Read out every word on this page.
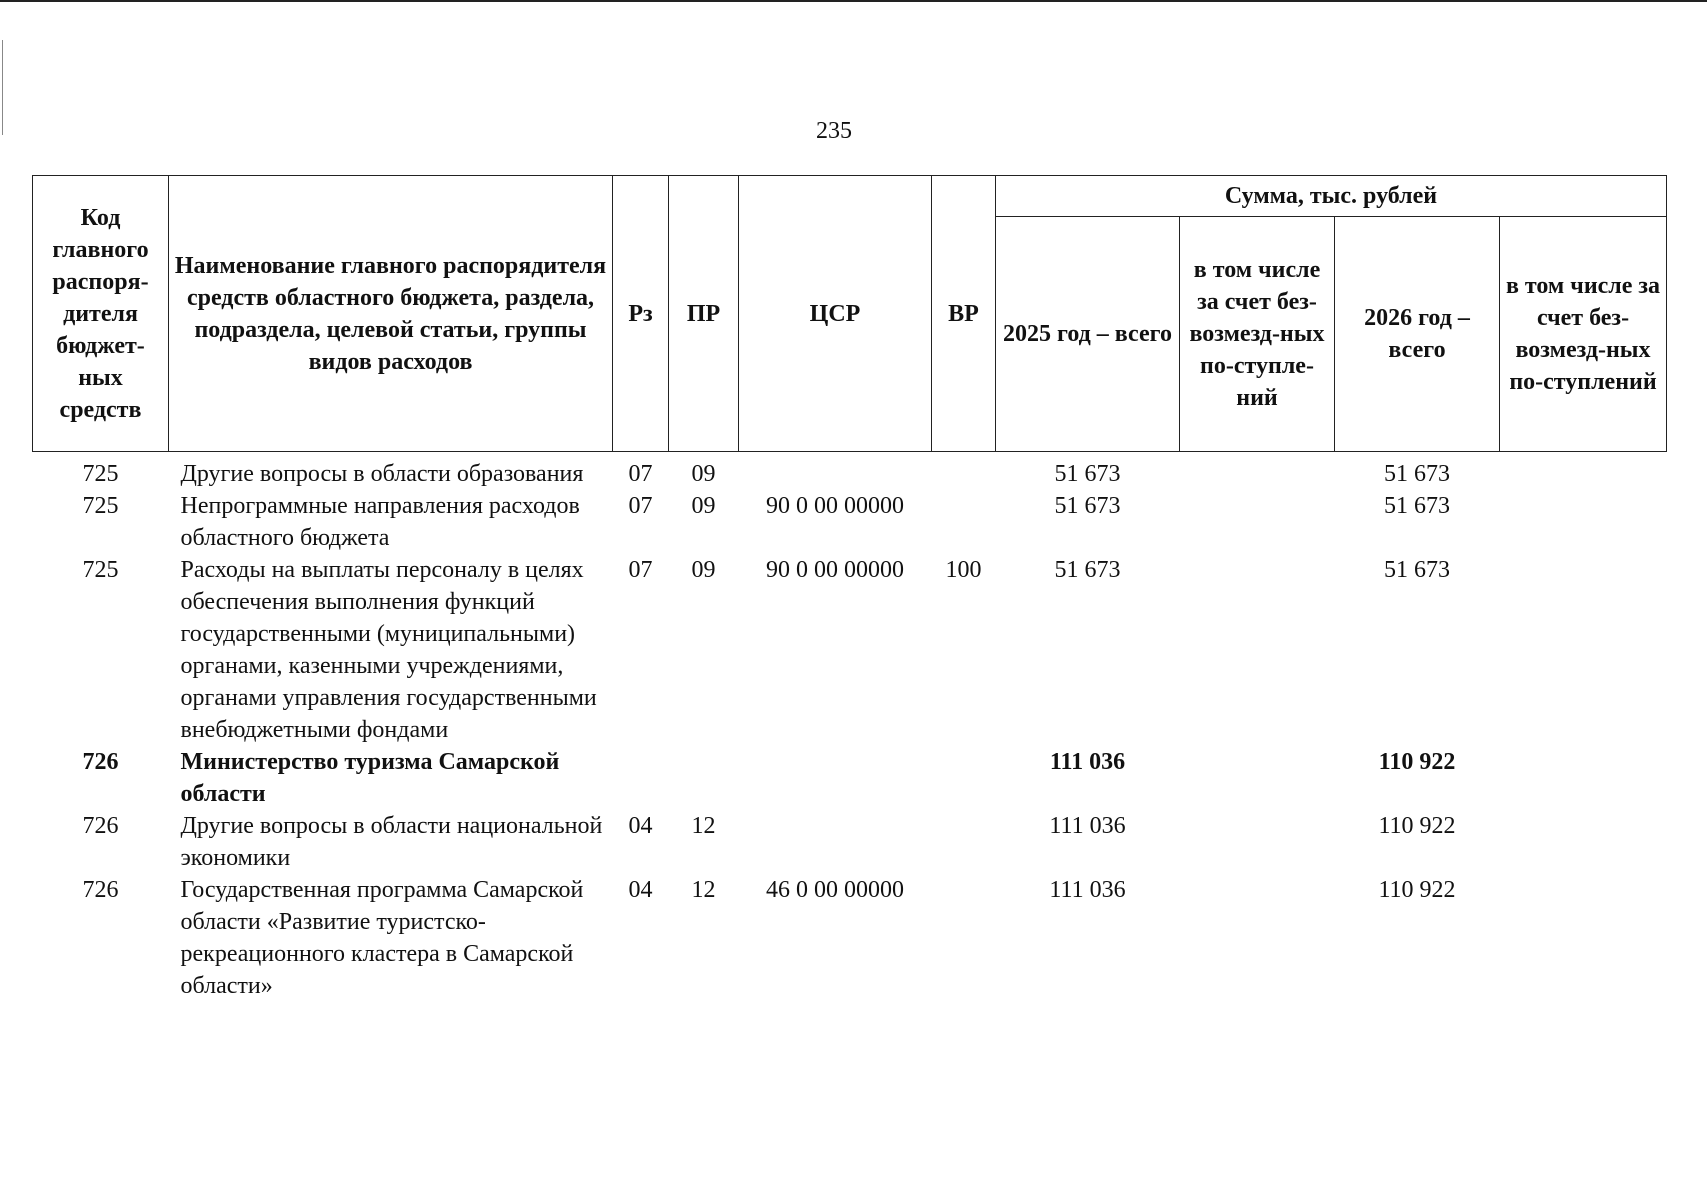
235
Код главного распоря-дителя бюджет-ных средств	Наименование главного распорядителя средств областного бюджета, раздела, подраздела, целевой статьи, группы видов расходов	Рз	ПР	ЦСР	ВР	Сумма, тыс. рублей			
						2025 год – всего	в том числе за счет без-возмезд-ных по-ступле-ний	2026 год – всего	в том числе за счет без-возмезд-ных по-ступлений
725	Другие вопросы в области образования	07	09			51 673		51 673	
725	Непрограммные направления расходов областного бюджета	07	09	90 0 00 00000		51 673		51 673	
725	Расходы на выплаты персоналу в целях обеспечения выполнения функций государственными (муниципальными) органами, казенными учреждениями, органами управления государственными внебюджетными фондами	07	09	90 0 00 00000	100	51 673		51 673	
726	Министерство туризма Самарской области					111 036		110 922	
726	Другие вопросы в области национальной экономики	04	12			111 036		110 922	
726	Государственная программа Самарской области «Развитие туристско-рекреационного кластера в Самарской области»	04	12	46 0 00 00000		111 036		110 922	
